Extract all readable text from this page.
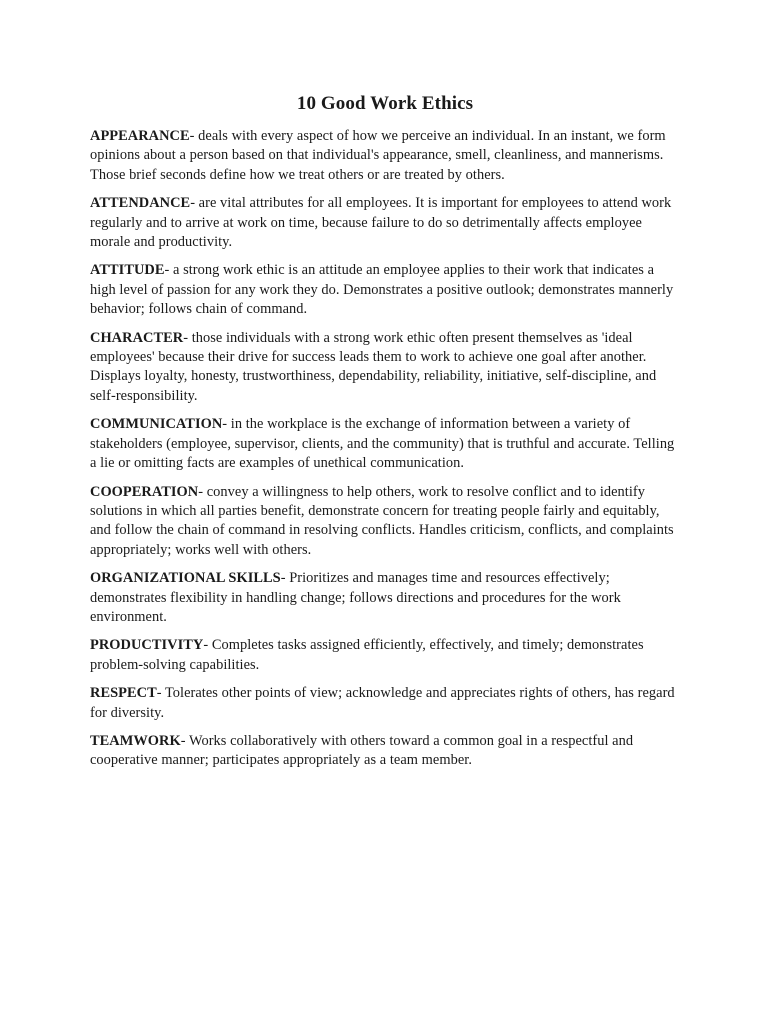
10 Good Work Ethics

APPEARANCE- deals with every aspect of how we perceive an individual. In an instant, we form opinions about a person based on that individual's appearance, smell, cleanliness, and mannerisms. Those brief seconds define how we treat others or are treated by others.

ATTENDANCE- are vital attributes for all employees. It is important for employees to attend work regularly and to arrive at work on time, because failure to do so detrimentally affects employee morale and productivity.

ATTITUDE- a strong work ethic is an attitude an employee applies to their work that indicates a high level of passion for any work they do. Demonstrates a positive outlook; demonstrates mannerly behavior; follows chain of command.

CHARACTER- those individuals with a strong work ethic often present themselves as 'ideal employees' because their drive for success leads them to work to achieve one goal after another. Displays loyalty, honesty, trustworthiness, dependability, reliability, initiative, self-discipline, and self-responsibility.

COMMUNICATION- in the workplace is the exchange of information between a variety of stakeholders (employee, supervisor, clients, and the community) that is truthful and accurate. Telling a lie or omitting facts are examples of unethical communication.

COOPERATION- convey a willingness to help others, work to resolve conflict and to identify solutions in which all parties benefit, demonstrate concern for treating people fairly and equitably, and follow the chain of command in resolving conflicts. Handles criticism, conflicts, and complaints appropriately; works well with others.

ORGANIZATIONAL SKILLS- Prioritizes and manages time and resources effectively; demonstrates flexibility in handling change; follows directions and procedures for the work environment.

PRODUCTIVITY- Completes tasks assigned efficiently, effectively, and timely; demonstrates problem-solving capabilities.

RESPECT- Tolerates other points of view; acknowledge and appreciates rights of others, has regard for diversity.

TEAMWORK- Works collaboratively with others toward a common goal in a respectful and cooperative manner; participates appropriately as a team member.
